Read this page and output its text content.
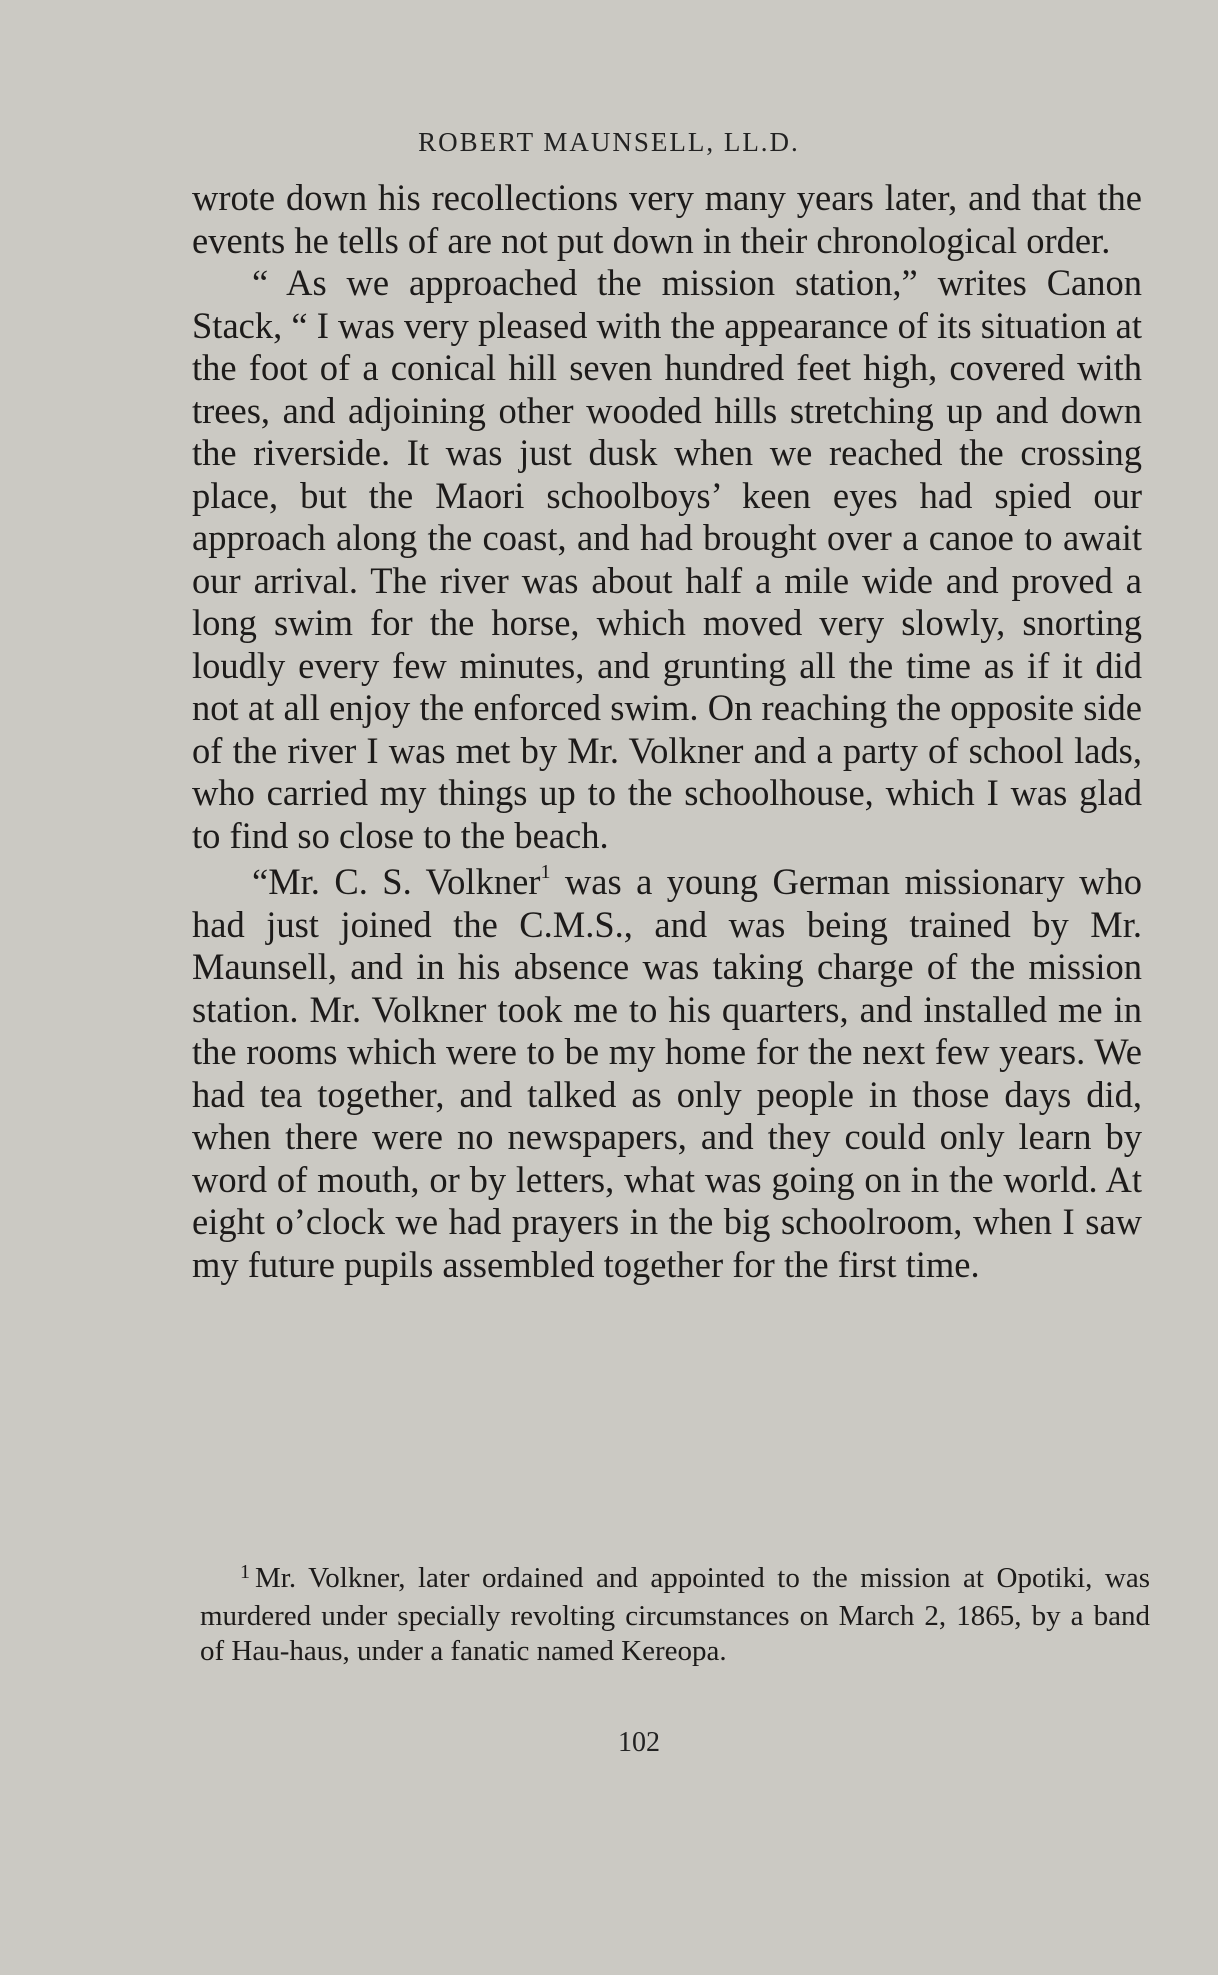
ROBERT MAUNSELL, LL.D.

wrote down his recollections very many years later, and that the events he tells of are not put down in their chronological order.

“ As we approached the mission station,” writes Canon Stack, “ I was very pleased with the appearance of its situation at the foot of a conical hill seven hundred feet high, covered with trees, and adjoining other wooded hills stretching up and down the riverside. It was just dusk when we reached the crossing place, but the Maori schoolboys’ keen eyes had spied our approach along the coast, and had brought over a canoe to await our arrival. The river was about half a mile wide and proved a long swim for the horse, which moved very slowly, snorting loudly every few minutes, and grunting all the time as if it did not at all enjoy the enforced swim. On reaching the opposite side of the river I was met by Mr. Volkner and a party of school lads, who carried my things up to the schoolhouse, which I was glad to find so close to the beach.

“Mr. C. S. Volkner$^1$ was a young German missionary who had just joined the C.M.S., and was being trained by Mr. Maunsell, and in his absence was taking charge of the mission station. Mr. Volkner took me to his quarters, and installed me in the rooms which were to be my home for the next few years. We had tea together, and talked as only people in those days did, when there were no newspapers, and they could only learn by word of mouth, or by letters, what was going on in the world. At eight o’clock we had prayers in the big schoolroom, when I saw my future pupils assembled together for the first time.

$^1$ Mr. Volkner, later ordained and appointed to the mission at Opotiki, was murdered under specially revolting circumstances on March 2, 1865, by a band of Hau-haus, under a fanatic named Kereopa.

102
